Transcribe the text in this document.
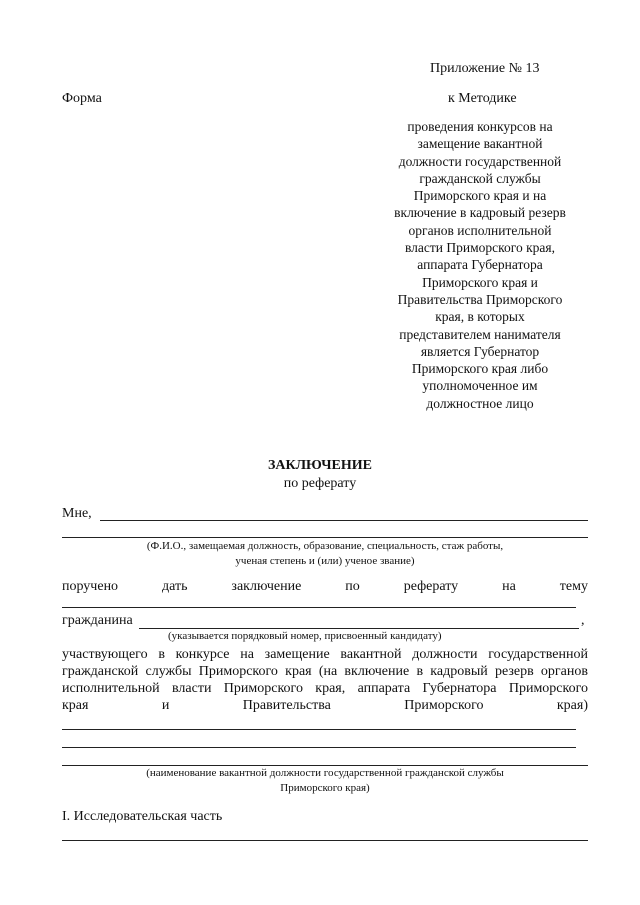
Приложение № 13
Форма	к Методике
проведения конкурсов на
замещение вакантной
должности государственной
гражданской службы
Приморского края и на
включение в кадровый резерв
органов исполнительной
власти Приморского края,
аппарата Губернатора
Приморского края и
Правительства Приморского
края, в которых
представителем нанимателя
является Губернатор
Приморского края либо
уполномоченное им
должностное лицо
ЗАКЛЮЧЕНИЕ
по реферату
Мне,
(Ф.И.О., замещаемая должность, образование, специальность, стаж работы,
ученая степень и (или) ученое звание)
поручено	дать	заключение	по	реферату	на	тему
гражданина	,
(указывается порядковый номер, присвоенный кандидату)
участвующего в конкурсе на замещение вакантной должности государственной
гражданской службы Приморского края (на включение в кадровый резерв органов
исполнительной власти Приморского края, аппарата Губернатора Приморского
края	и	Правительства	Приморского	края)
(наименование вакантной должности государственной гражданской службы
Приморского края)
I. Исследовательская часть
